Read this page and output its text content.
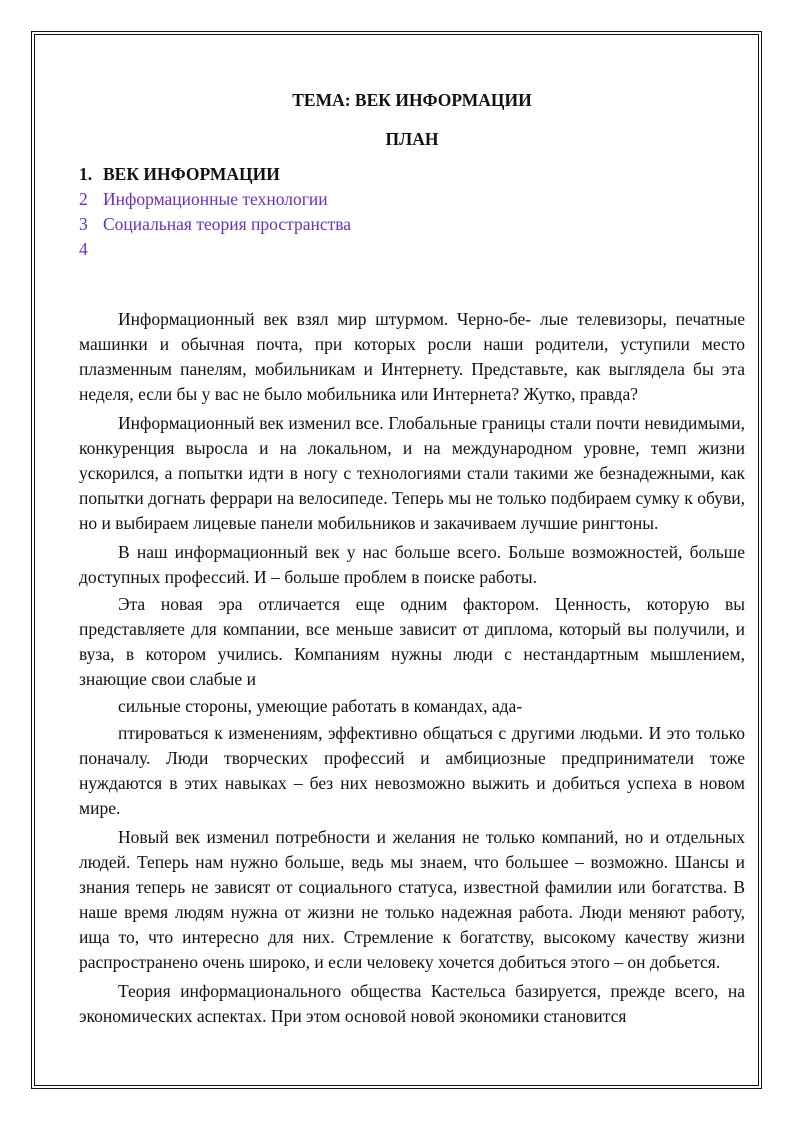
ТЕМА: ВЕК ИНФОРМАЦИИ
ПЛАН
1. ВЕК ИНФОРМАЦИИ
2 Информационные технологии
3 Социальная теория пространства
4

Информационный век взял мир штурмом. Черно-бе- лые телевизоры, печатные машинки и обычная почта, при которых росли наши родители, уступили место плазменным панелям, мобильникам и Интернету. Представьте, как выглядела бы эта неделя, если бы у вас не было мобильника или Интернета? Жутко, правда?

Информационный век изменил все. Глобальные границы стали почти невидимыми, конкуренция выросла и на локальном, и на международном уровне, темп жизни ускорился, а попытки идти в ногу с технологиями стали такими же безнадежными, как попытки догнать феррари на велосипеде. Теперь мы не только подбираем сумку к обуви, но и выбираем лицевые панели мобильников и закачиваем лучшие рингтоны.

В наш информационный век у нас больше всего. Больше возможностей, больше доступных профессий. И – больше проблем в поиске работы.

Эта новая эра отличается еще одним фактором. Ценность, которую вы представляете для компании, все меньше зависит от диплома, который вы получили, и вуза, в котором учились. Компаниям нужны люди с нестандартным мышлением, знающие свои слабые и

сильные стороны, умеющие работать в командах, ада-

птироваться к изменениям, эффективно общаться с другими людьми. И это только поначалу. Люди творческих профессий и амбициозные предприниматели тоже нуждаются в этих навыках – без них невозможно выжить и добиться успеха в новом мире.

Новый век изменил потребности и желания не только компаний, но и отдельных людей. Теперь нам нужно больше, ведь мы знаем, что большее – возможно. Шансы и знания теперь не зависят от социального статуса, известной фамилии или богатства. В наше время людям нужна от жизни не только надежная работа. Люди меняют работу, ища то, что интересно для них. Стремление к богатству, высокому качеству жизни распространено очень широко, и если человеку хочется добиться этого – он добьется.

Теория информационального общества Кастельса базируется, прежде всего, на экономических аспектах. При этом основой новой экономики становится
